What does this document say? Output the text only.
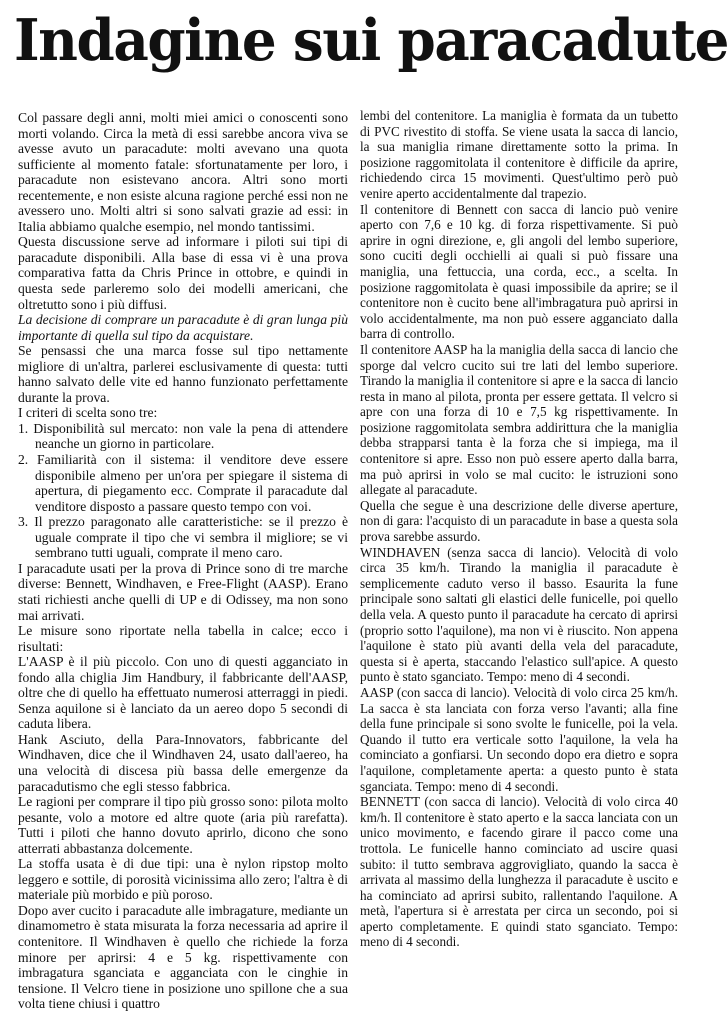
Indagine sui paracadute

Col passare degli anni, molti miei amici o conoscenti sono morti volando. Circa la metà di essi sarebbe ancora viva se avesse avuto un paracadute: molti avevano una quota sufficiente al momento fatale: sfortunatamente per loro, i paracadute non esistevano ancora. Altri sono morti recentemente, e non esiste alcuna ragione perché essi non ne avessero uno. Molti altri si sono salvati grazie ad essi: in Italia abbiamo qualche esempio, nel mondo tantissimi.

Questa discussione serve ad informare i piloti sui tipi di paracadute disponibili. Alla base di essa vi è una prova comparativa fatta da Chris Prince in ottobre, e quindi in questa sede parleremo solo dei modelli americani, che oltretutto sono i più diffusi.

La decisione di comprare un paracadute è di gran lunga più importante di quella sul tipo da acquistare.

Se pensassi che una marca fosse sul tipo nettamente migliore di un'altra, parlerei esclusivamente di questa: tutti hanno salvato delle vite ed hanno funzionato perfettamente durante la prova.

I criteri di scelta sono tre:

1. Disponibilità sul mercato: non vale la pena di attendere neanche un giorno in particolare.

2. Familiarità con il sistema: il venditore deve essere disponibile almeno per un'ora per spiegare il sistema di apertura, di piegamento ecc. Comprate il paracadute dal venditore disposto a passare questo tempo con voi.

3. Il prezzo paragonato alle caratteristiche: se il prezzo è uguale comprate il tipo che vi sembra il migliore; se vi sembrano tutti uguali, comprate il meno caro.

I paracadute usati per la prova di Prince sono di tre marche diverse: Bennett, Windhaven, e Free-Flight (AASP). Erano stati richiesti anche quelli di UP e di Odissey, ma non sono mai arrivati.

Le misure sono riportate nella tabella in calce; ecco i risultati:

L'AASP è il più piccolo. Con uno di questi agganciato in fondo alla chiglia Jim Handbury, il fabbricante dell'AASP, oltre che di quello ha effettuato numerosi atterraggi in piedi. Senza aquilone si è lanciato da un aereo dopo 5 secondi di caduta libera.

Hank Asciuto, della Para-Innovators, fabbricante del Windhaven, dice che il Windhaven 24, usato dall'aereo, ha una velocità di discesa più bassa delle emergenze da paracadutismo che egli stesso fabbrica.

Le ragioni per comprare il tipo più grosso sono: pilota molto pesante, volo a motore ed altre quote (aria più rarefatta). Tutti i piloti che hanno dovuto aprirlo, dicono che sono atterrati abbastanza dolcemente.

La stoffa usata è di due tipi: una è nylon ripstop molto leggero e sottile, di porosità vicinissima allo zero; l'altra è di materiale più morbido e più poroso.

Dopo aver cucito i paracadute alle imbragature, mediante un dinamometro è stata misurata la forza necessaria ad aprire il contenitore. Il Windhaven è quello che richiede la forza minore per aprirsi: 4 e 5 kg. rispettivamente con imbragatura sganciata e agganciata con le cinghie in tensione. Il Velcro tiene in posizione uno spillone che a sua volta tiene chiusi i quattro

lembi del contenitore. La maniglia è formata da un tubetto di PVC rivestito di stoffa. Se viene usata la sacca di lancio, la sua maniglia rimane direttamente sotto la prima. In posizione raggomitolata il contenitore è difficile da aprire, richiedendo circa 15 movimenti. Quest'ultimo però può venire aperto accidentalmente dal trapezio.

Il contenitore di Bennett con sacca di lancio può venire aperto con 7,6 e 10 kg. di forza rispettivamente. Si può aprire in ogni direzione, e, gli angoli del lembo superiore, sono cuciti degli occhielli ai quali si può fissare una maniglia, una fettuccia, una corda, ecc., a scelta. In posizione raggomitolata è quasi impossibile da aprire; se il contenitore non è cucito bene all'imbragatura può aprirsi in volo accidentalmente, ma non può essere agganciato dalla barra di controllo.

Il contenitore AASP ha la maniglia della sacca di lancio che sporge dal velcro cucito sui tre lati del lembo superiore. Tirando la maniglia il contenitore si apre e la sacca di lancio resta in mano al pilota, pronta per essere gettata. Il velcro si apre con una forza di 10 e 7,5 kg rispettivamente. In posizione raggomitolata sembra addirittura che la maniglia debba strapparsi tanta è la forza che si impiega, ma il contenitore si apre. Esso non può essere aperto dalla barra, ma può aprirsi in volo se mal cucito: le istruzioni sono allegate al paracadute.

Quella che segue è una descrizione delle diverse aperture, non di gara: l'acquisto di un paracadute in base a questa sola prova sarebbe assurdo.

WINDHAVEN (senza sacca di lancio). Velocità di volo circa 35 km/h. Tirando la maniglia il paracadute è semplicemente caduto verso il basso. Esaurita la fune principale sono saltati gli elastici delle funicelle, poi quello della vela. A questo punto il paracadute ha cercato di aprirsi (proprio sotto l'aquilone), ma non vi è riuscito. Non appena l'aquilone è stato più avanti della vela del paracadute, questa si è aperta, staccando l'elastico sull'apice. A questo punto è stato sganciato. Tempo: meno di 4 secondi.

AASP (con sacca di lancio). Velocità di volo circa 25 km/h. La sacca è sta lanciata con forza verso l'avanti; alla fine della fune principale si sono svolte le funicelle, poi la vela. Quando il tutto era verticale sotto l'aquilone, la vela ha cominciato a gonfiarsi. Un secondo dopo era dietro e sopra l'aquilone, completamente aperta: a questo punto è stata sganciata. Tempo: meno di 4 secondi.

BENNETT (con sacca di lancio). Velocità di volo circa 40 km/h. Il contenitore è stato aperto e la sacca lanciata con un unico movimento, e facendo girare il pacco come una trottola. Le funicelle hanno cominciato ad uscire quasi subito: il tutto sembrava aggrovigliato, quando la sacca è arrivata al massimo della lunghezza il paracadute è uscito e ha cominciato ad aprirsi subito, rallentando l'aquilone. A metà, l'apertura si è arrestata per circa un secondo, poi si aperto completamente. E quindi stato sganciato. Tempo: meno di 4 secondi.
